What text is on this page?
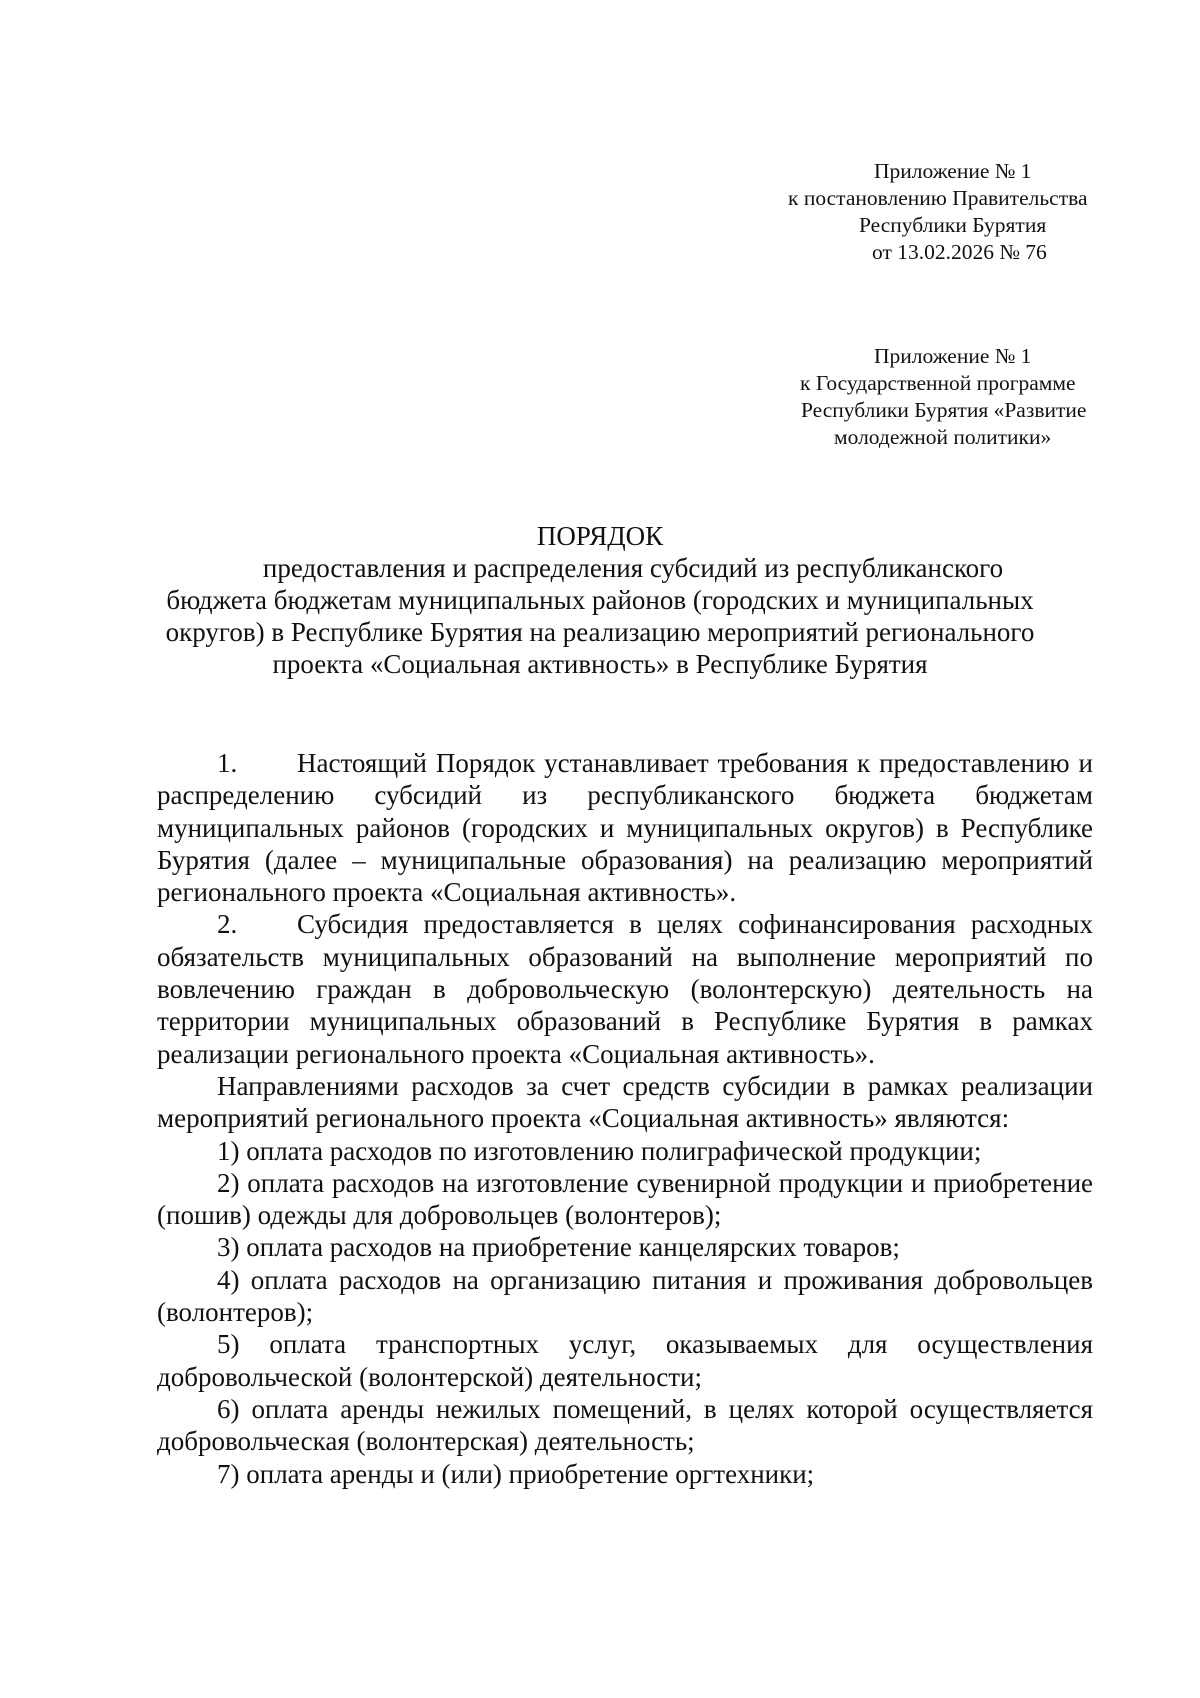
Приложение № 1
к постановлению Правительства
Республики Бурятия
от 13.02.2026 № 76
Приложение № 1
к Государственной программе
Республики Бурятия «Развитие
молодежной политики»
ПОРЯДОК
предоставления и распределения субсидий из республиканского
бюджета бюджетам муниципальных районов (городских и муниципальных
округов) в Республике Бурятия на реализацию мероприятий регионального
проекта «Социальная активность» в Республике Бурятия

1. Настоящий Порядок устанавливает требования к предоставлению и распределению субсидий из республиканского бюджета бюджетам муниципальных районов (городских и муниципальных округов) в Республике Бурятия (далее – муниципальные образования) на реализацию мероприятий регионального проекта «Социальная активность».

2. Субсидия предоставляется в целях софинансирования расходных обязательств муниципальных образований на выполнение мероприятий по вовлечению граждан в добровольческую (волонтерскую) деятельность на территории муниципальных образований в Республике Бурятия в рамках реализации регионального проекта «Социальная активность».

Направлениями расходов за счет средств субсидии в рамках реализации мероприятий регионального проекта «Социальная активность» являются:

1) оплата расходов по изготовлению полиграфической продукции;

2) оплата расходов на изготовление сувенирной продукции и приобретение (пошив) одежды для добровольцев (волонтеров);

3) оплата расходов на приобретение канцелярских товаров;

4) оплата расходов на организацию питания и проживания добровольцев (волонтеров);

5) оплата транспортных услуг, оказываемых для осуществления добровольческой (волонтерской) деятельности;

6) оплата аренды нежилых помещений, в целях которой осуществляется добровольческая (волонтерская) деятельность;

7) оплата аренды и (или) приобретение оргтехники;
